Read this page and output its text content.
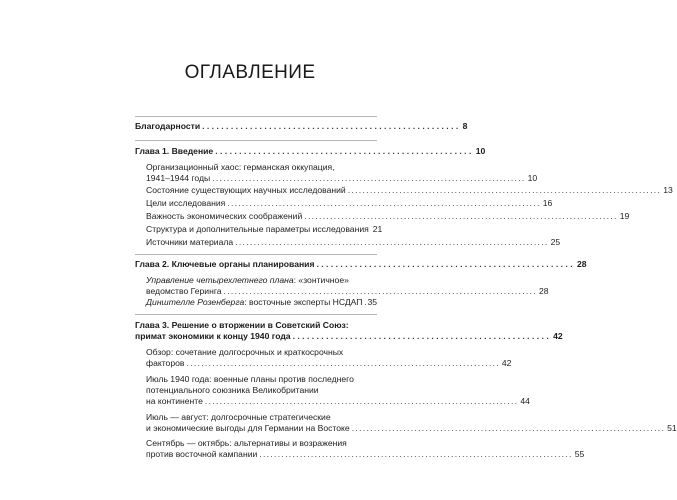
ОГЛАВЛЕНИЕ
Благодарности ...................................................... 8
Глава 1. Введение ...................................................... 10
Организационный хаос: германская оккупация,
1941–1944 годы ..................................................................................... 10
Состояние существующих научных исследований ..................................................................................... 13
Цели исследования ..................................................................................... 16
Важность экономических соображений ..................................................................................... 19
Структура и дополнительные параметры исследования 21
Источники материала ..................................................................................... 25
Глава 2. Ключевые органы планирования ...................................................... 28
Управление четырехлетнего плана: «зонтичное»
ведомство Геринга ..................................................................................... 28
Динштелле Розенберга: восточные эксперты НСДАП 35
Глава 3. Решение о вторжении в Советский Союз:
примат экономики к концу 1940 года ...................................................... 42
Обзор: сочетание долгосрочных и краткосрочных
факторов ..................................................................................... 42
Июль 1940 года: военные планы против последнего
потенциального союзника Великобритании
на континенте ..................................................................................... 44
Июль — август: долгосрочные стратегические
и экономические выгоды для Германии на Востоке ..................................................................................... 51
Сентябрь — октябрь: альтернативы и возражения
против восточной кампании ..................................................................................... 55
